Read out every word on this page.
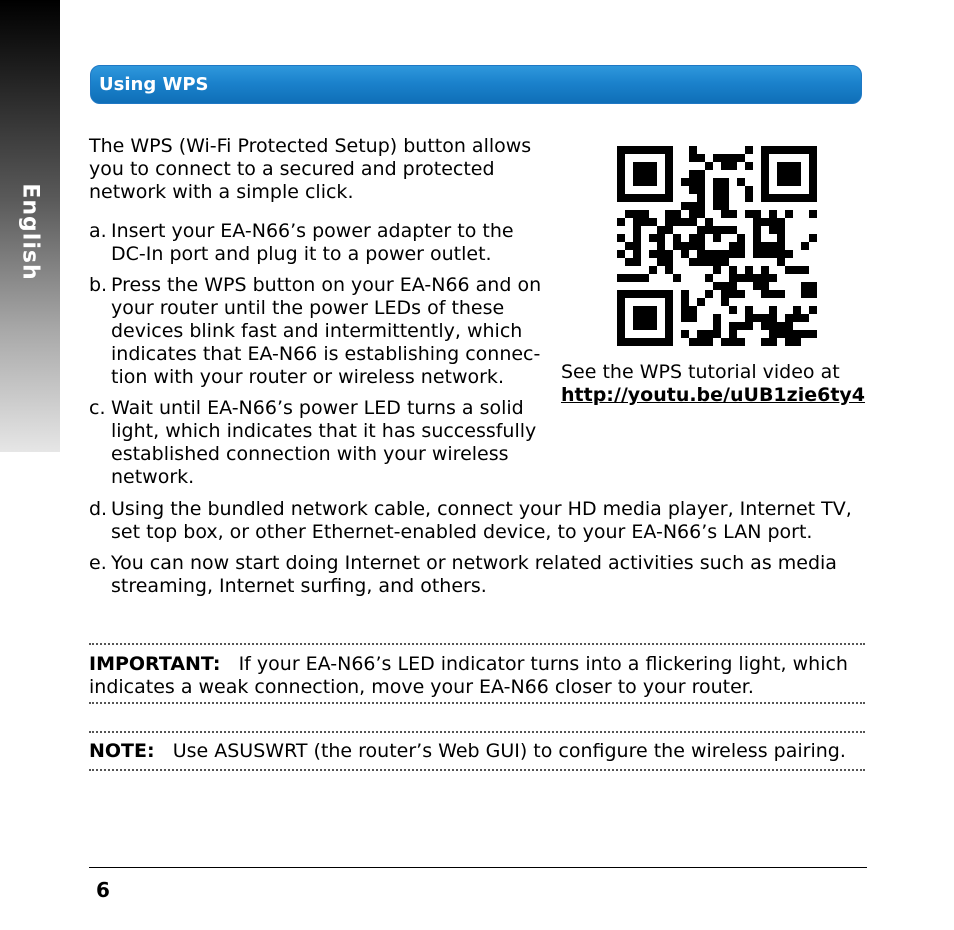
English
Using WPS
The WPS (Wi-Fi Protected Setup) button allows you to connect to a secured and protected network with a simple click.
a. Insert your EA-N66’s power adapter to the DC-In port and plug it to a power outlet.
b. Press the WPS button on your EA-N66 and on your router until the power LEDs of these devices blink fast and intermittently, which indicates that EA-N66 is establishing connec-tion with your router or wireless network.
c. Wait until EA-N66’s power LED turns a solid light, which indicates that it has successfully established connection with your wireless network.
d. Using the bundled network cable, connect your HD media player, Internet TV, set top box, or other Ethernet-enabled device, to your EA-N66’s LAN port.
e. You can now start doing Internet or network related activities such as media streaming, Internet surfing, and others.
See the WPS tutorial video at
http://youtu.be/uUB1zie6ty4
IMPORTANT: If your EA-N66’s LED indicator turns into a flickering light, which indicates a weak connection, move your EA-N66 closer to your router.
NOTE: Use ASUSWRT (the router’s Web GUI) to configure the wireless pairing.
6
